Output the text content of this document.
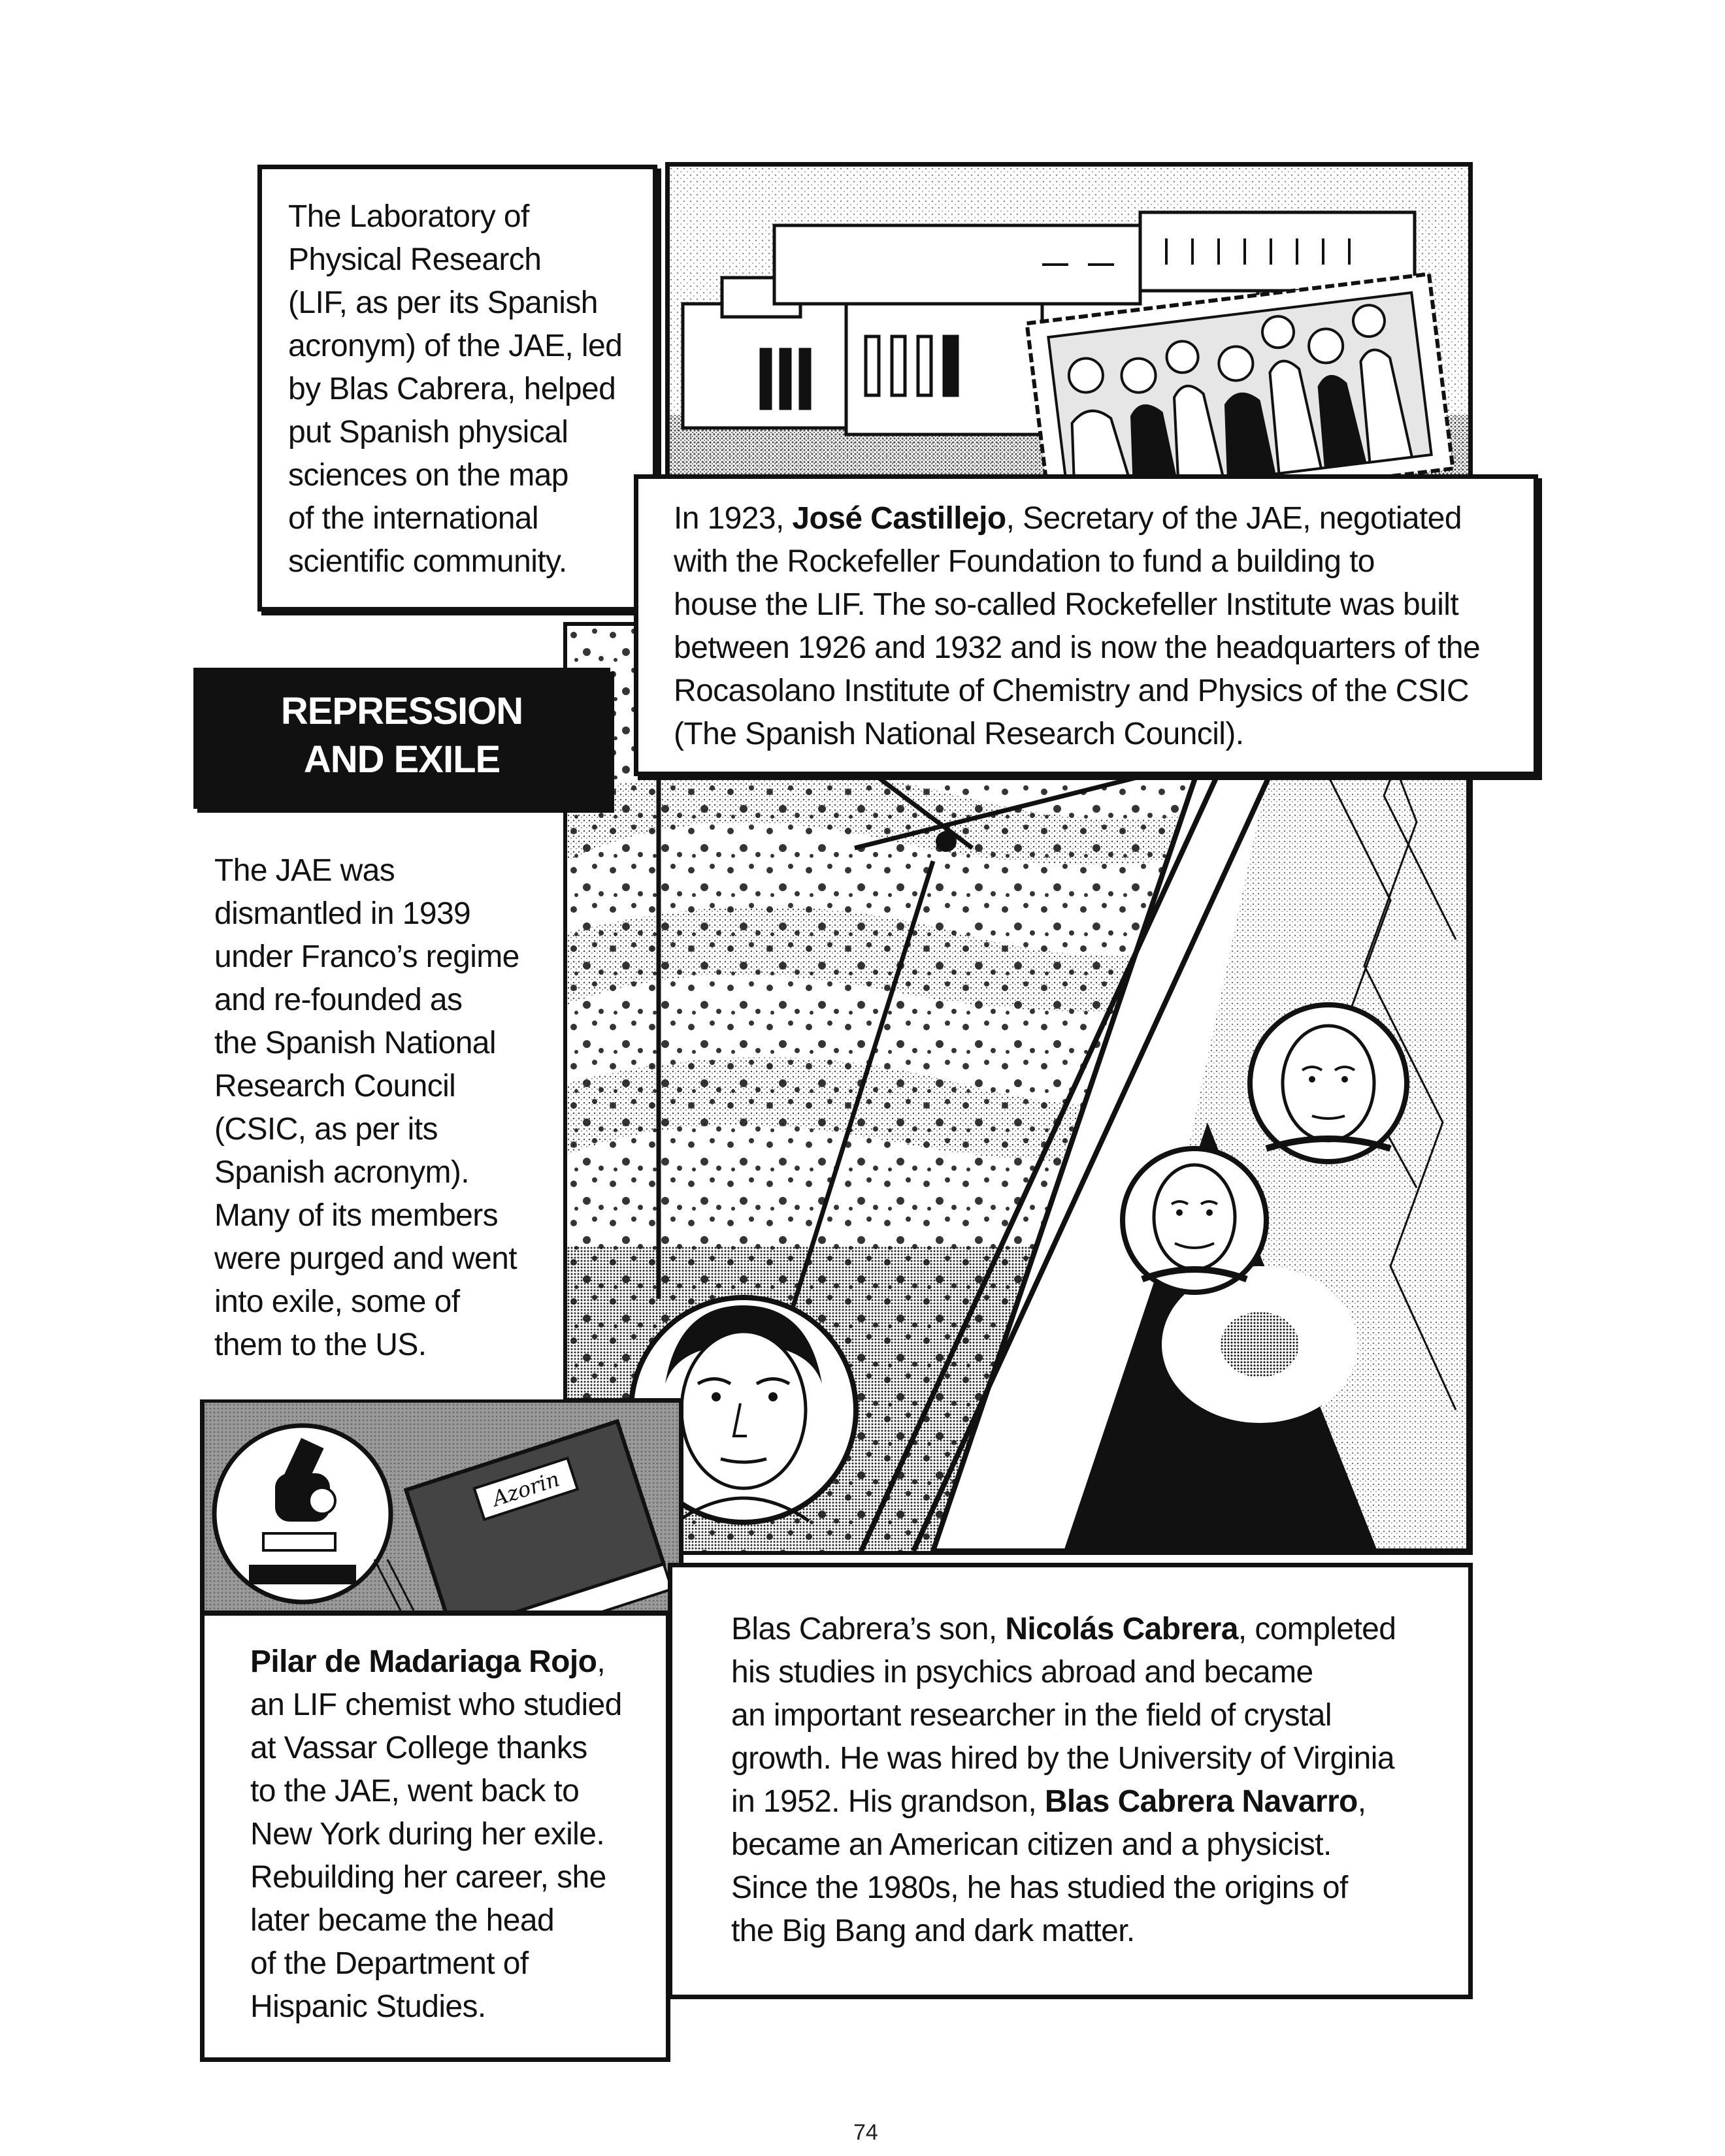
Azorin

The Laboratory of

Physical Research

(LIF, as per its Spanish

acronym) of the JAE, led

by Blas Cabrera, helped

put Spanish physical

sciences on the map

of the international

scientific community.

In 1923, José Castillejo, Secretary of the JAE, negotiated

with the Rockefeller Foundation to fund a building to

house the LIF. The so-called Rockefeller Institute was built

between 1926 and 1932 and is now the headquarters of the

Rocasolano Institute of Chemistry and Physics of the CSIC

(The Spanish National Research Council).

REPRESSION
AND EXILE

The JAE was

dismantled in 1939

under Franco’s regime

and re-founded as

the Spanish National

Research Council

(CSIC, as per its

Spanish acronym).

Many of its members

were purged and went

into exile, some of

them to the US.

Pilar de Madariaga Rojo,

an LIF chemist who studied

at Vassar College thanks

to the JAE, went back to

New York during her exile.

Rebuilding her career, she

later became the head

of the Department of

Hispanic Studies.

Blas Cabrera’s son, Nicolás Cabrera, completed

his studies in psychics abroad and became

an important researcher in the field of crystal

growth. He was hired by the University of Virginia

in 1952. His grandson, Blas Cabrera Navarro,

became an American citizen and a physicist.

Since the 1980s, he has studied the origins of

the Big Bang and dark matter.

74
